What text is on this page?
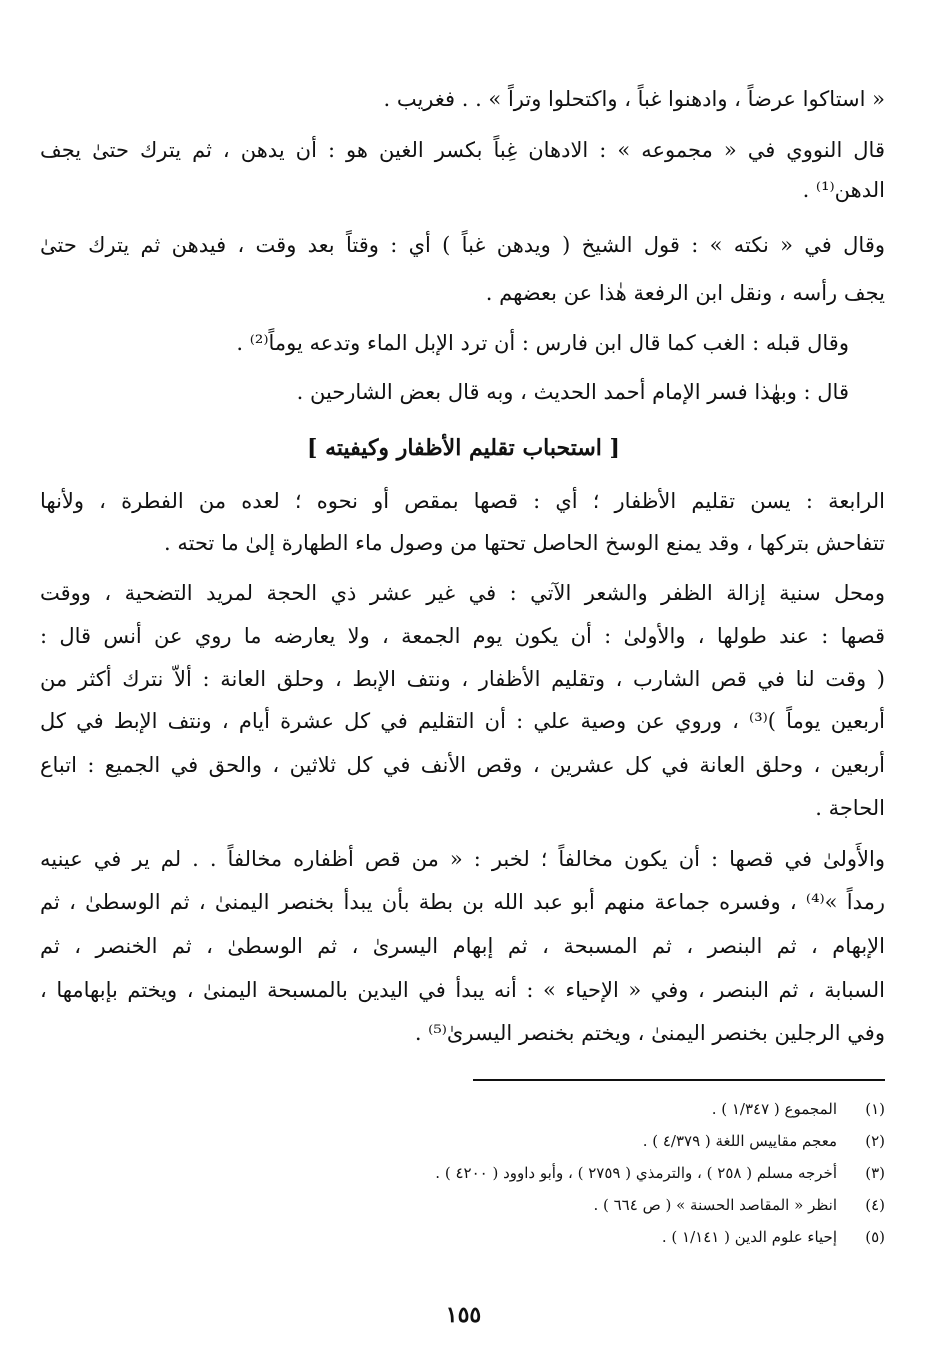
« استاكوا عرضاً ، وادهنوا غباً ، واكتحلوا وتراً » . . فغريب .
قال النووي في « مجموعه » : الادهان غِباً بكسر الغين هو : أن يدهن ، ثم يترك حتىٰ يجف
الدهن⁽¹⁾ .
وقال في « نكته » : قول الشيخ ( ويدهن غباً ) أي : وقتاً بعد وقت ، فيدهن ثم يترك حتىٰ
يجف رأسه ، ونقل ابن الرفعة هٰذا عن بعضهم .
وقال قبله : الغب كما قال ابن فارس : أن ترد الإبل الماء وتدعه يوماً⁽²⁾ .
قال : وبهٰذا فسر الإمام أحمد الحديث ، وبه قال بعض الشارحين .
[ استحباب تقليم الأظفار وكيفيته ]
الرابعة : يسن تقليم الأظفار ؛ أي : قصها بمقص أو نحوه ؛ لعده من الفطرة ، ولأنها
تتفاحش بتركها ، وقد يمنع الوسخ الحاصل تحتها من وصول ماء الطهارة إلىٰ ما تحته .
ومحل سنية إزالة الظفر والشعر الآتي : في غير عشر ذي الحجة لمريد التضحية ، ووقت
قصها : عند طولها ، والأولىٰ : أن يكون يوم الجمعة ، ولا يعارضه ما روي عن أنس قال :
( وقت لنا في قص الشارب ، وتقليم الأظفار ، ونتف الإبط ، وحلق العانة : ألاّ نترك أكثر من
أربعين يوماً )⁽³⁾ ، وروي عن وصية علي : أن التقليم في كل عشرة أيام ، ونتف الإبط في كل
أربعين ، وحلق العانة في كل عشرين ، وقص الأنف في كل ثلاثين ، والحق في الجميع : اتباع
الحاجة .
والأَولىٰ في قصها : أن يكون مخالفاً ؛ لخبر : « من قص أظفاره مخالفاً . . لم ير في عينيه
رمداً »⁽⁴⁾ ، وفسره جماعة منهم أبو عبد الله بن بطة بأن يبدأ بخنصر اليمنىٰ ، ثم الوسطىٰ ، ثم
الإبهام ، ثم البنصر ، ثم المسبحة ، ثم إبهام اليسرىٰ ، ثم الوسطىٰ ، ثم الخنصر ، ثم
السبابة ، ثم البنصر ، وفي « الإحياء » : أنه يبدأ في اليدين بالمسبحة اليمنىٰ ، ويختم بإبهامها ،
وفي الرجلين بخنصر اليمنىٰ ، ويختم بخنصر اليسرىٰ⁽⁵⁾ .
(١)
المجموع ( ١/٣٤٧ ) .
(٢)
معجم مقاييس اللغة ( ٤/٣٧٩ ) .
(٣)
أخرجه مسلم ( ٢٥٨ ) ، والترمذي ( ٢٧٥٩ ) ، وأبو داوود ( ٤٢٠٠ ) .
(٤)
انظر « المقاصد الحسنة » ( ص ٦٦٤ ) .
(٥)
إحياء علوم الدين ( ١/١٤١ ) .
١٥٥
